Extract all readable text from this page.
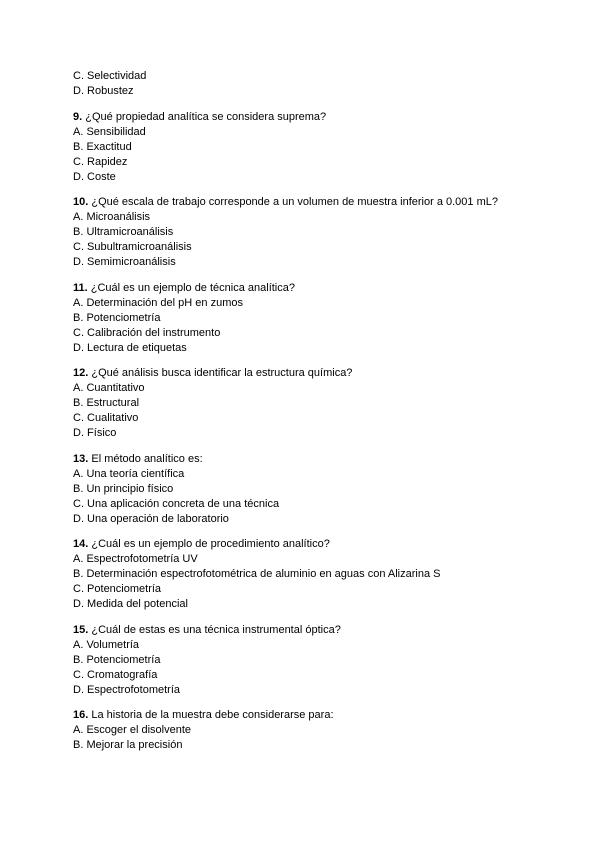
C. Selectividad
D. Robustez
9. ¿Qué propiedad analítica se considera suprema?
A. Sensibilidad
B. Exactitud
C. Rapidez
D. Coste
10. ¿Qué escala de trabajo corresponde a un volumen de muestra inferior a 0.001 mL?
A. Microanálisis
B. Ultramicroanálisis
C. Subultramicroanálisis
D. Semimicroanálisis
11. ¿Cuál es un ejemplo de técnica analítica?
A. Determinación del pH en zumos
B. Potenciometría
C. Calibración del instrumento
D. Lectura de etiquetas
12. ¿Qué análisis busca identificar la estructura química?
A. Cuantitativo
B. Estructural
C. Cualitativo
D. Físico
13. El método analítico es:
A. Una teoría científica
B. Un principio físico
C. Una aplicación concreta de una técnica
D. Una operación de laboratorio
14. ¿Cuál es un ejemplo de procedimiento analítico?
A. Espectrofotometría UV
B. Determinación espectrofotométrica de aluminio en aguas con Alizarina S
C. Potenciometría
D. Medida del potencial
15. ¿Cuál de estas es una técnica instrumental óptica?
A. Volumetría
B. Potenciometría
C. Cromatografía
D. Espectrofotometría
16. La historia de la muestra debe considerarse para:
A. Escoger el disolvente
B. Mejorar la precisión
